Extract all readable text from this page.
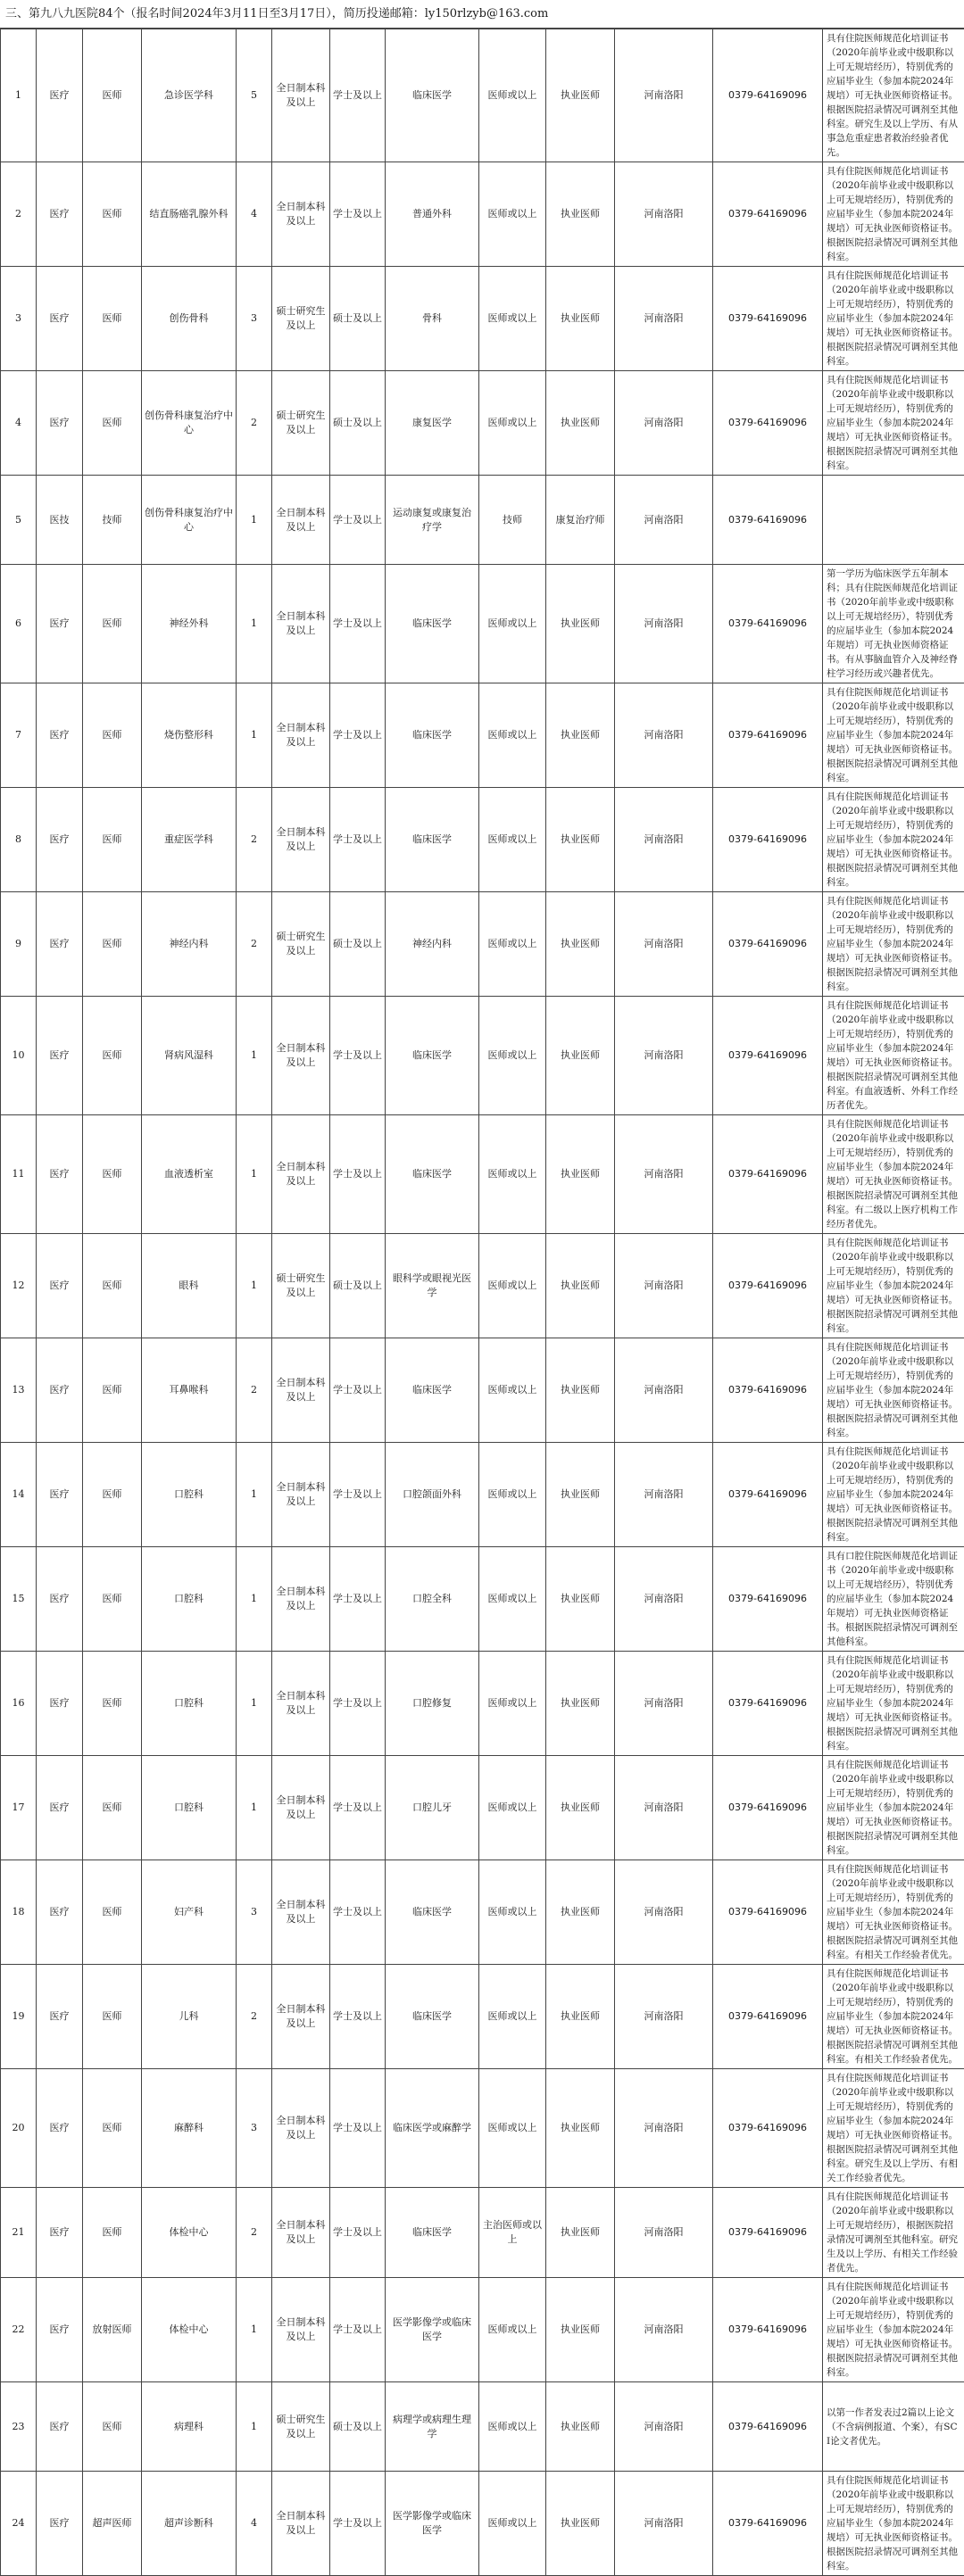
三、第九八九医院84个（报名时间2024年3月11日至3月17日），简历投递邮箱：ly150rlzyb@163.com
1	医疗	医师	急诊医学科	5	全日制本科及以上	学士及以上	临床医学	医师或以上	执业医师	河南洛阳	0379-64169096	具有住院医师规范化培训证书（2020年前毕业或中级职称以上可无规培经历），特别优秀的应届毕业生（参加本院2024年规培）可无执业医师资格证书。根据医院招录情况可调剂至其他科室。研究生及以上学历、有从事急危重症患者救治经验者优先。
2	医疗	医师	结直肠癌乳腺外科	4	全日制本科及以上	学士及以上	普通外科	医师或以上	执业医师	河南洛阳	0379-64169096	具有住院医师规范化培训证书（2020年前毕业或中级职称以上可无规培经历），特别优秀的应届毕业生（参加本院2024年规培）可无执业医师资格证书。根据医院招录情况可调剂至其他科室。
3	医疗	医师	创伤骨科	3	硕士研究生及以上	硕士及以上	骨科	医师或以上	执业医师	河南洛阳	0379-64169096	具有住院医师规范化培训证书（2020年前毕业或中级职称以上可无规培经历），特别优秀的应届毕业生（参加本院2024年规培）可无执业医师资格证书。根据医院招录情况可调剂至其他科室。
4	医疗	医师	创伤骨科康复治疗中心	2	硕士研究生及以上	硕士及以上	康复医学	医师或以上	执业医师	河南洛阳	0379-64169096	具有住院医师规范化培训证书（2020年前毕业或中级职称以上可无规培经历），特别优秀的应届毕业生（参加本院2024年规培）可无执业医师资格证书。根据医院招录情况可调剂至其他科室。
5	医技	技师	创伤骨科康复治疗中心	1	全日制本科及以上	学士及以上	运动康复或康复治疗学	技师	康复治疗师	河南洛阳	0379-64169096	
6	医疗	医师	神经外科	1	全日制本科及以上	学士及以上	临床医学	医师或以上	执业医师	河南洛阳	0379-64169096	第一学历为临床医学五年制本科；具有住院医师规范化培训证书（2020年前毕业或中级职称以上可无规培经历），特别优秀的应届毕业生（参加本院2024年规培）可无执业医师资格证书。有从事脑血管介入及神经脊柱学习经历或兴趣者优先。
7	医疗	医师	烧伤整形科	1	全日制本科及以上	学士及以上	临床医学	医师或以上	执业医师	河南洛阳	0379-64169096	具有住院医师规范化培训证书（2020年前毕业或中级职称以上可无规培经历），特别优秀的应届毕业生（参加本院2024年规培）可无执业医师资格证书。根据医院招录情况可调剂至其他科室。
8	医疗	医师	重症医学科	2	全日制本科及以上	学士及以上	临床医学	医师或以上	执业医师	河南洛阳	0379-64169096	具有住院医师规范化培训证书（2020年前毕业或中级职称以上可无规培经历），特别优秀的应届毕业生（参加本院2024年规培）可无执业医师资格证书。根据医院招录情况可调剂至其他科室。
9	医疗	医师	神经内科	2	硕士研究生及以上	硕士及以上	神经内科	医师或以上	执业医师	河南洛阳	0379-64169096	具有住院医师规范化培训证书（2020年前毕业或中级职称以上可无规培经历），特别优秀的应届毕业生（参加本院2024年规培）可无执业医师资格证书。根据医院招录情况可调剂至其他科室。
10	医疗	医师	肾病风湿科	1	全日制本科及以上	学士及以上	临床医学	医师或以上	执业医师	河南洛阳	0379-64169096	具有住院医师规范化培训证书（2020年前毕业或中级职称以上可无规培经历），特别优秀的应届毕业生（参加本院2024年规培）可无执业医师资格证书。根据医院招录情况可调剂至其他科室。有血液透析、外科工作经历者优先。
11	医疗	医师	血液透析室	1	全日制本科及以上	学士及以上	临床医学	医师或以上	执业医师	河南洛阳	0379-64169096	具有住院医师规范化培训证书（2020年前毕业或中级职称以上可无规培经历），特别优秀的应届毕业生（参加本院2024年规培）可无执业医师资格证书。根据医院招录情况可调剂至其他科室。有二级以上医疗机构工作经历者优先。
12	医疗	医师	眼科	1	硕士研究生及以上	硕士及以上	眼科学或眼视光医学	医师或以上	执业医师	河南洛阳	0379-64169096	具有住院医师规范化培训证书（2020年前毕业或中级职称以上可无规培经历），特别优秀的应届毕业生（参加本院2024年规培）可无执业医师资格证书。根据医院招录情况可调剂至其他科室。
13	医疗	医师	耳鼻喉科	2	全日制本科及以上	学士及以上	临床医学	医师或以上	执业医师	河南洛阳	0379-64169096	具有住院医师规范化培训证书（2020年前毕业或中级职称以上可无规培经历），特别优秀的应届毕业生（参加本院2024年规培）可无执业医师资格证书。根据医院招录情况可调剂至其他科室。
14	医疗	医师	口腔科	1	全日制本科及以上	学士及以上	口腔颌面外科	医师或以上	执业医师	河南洛阳	0379-64169096	具有住院医师规范化培训证书（2020年前毕业或中级职称以上可无规培经历），特别优秀的应届毕业生（参加本院2024年规培）可无执业医师资格证书。根据医院招录情况可调剂至其他科室。
15	医疗	医师	口腔科	1	全日制本科及以上	学士及以上	口腔全科	医师或以上	执业医师	河南洛阳	0379-64169096	具有口腔住院医师规范化培训证书（2020年前毕业或中级职称以上可无规培经历），特别优秀的应届毕业生（参加本院2024年规培）可无执业医师资格证书。根据医院招录情况可调剂至其他科室。
16	医疗	医师	口腔科	1	全日制本科及以上	学士及以上	口腔修复	医师或以上	执业医师	河南洛阳	0379-64169096	具有住院医师规范化培训证书（2020年前毕业或中级职称以上可无规培经历），特别优秀的应届毕业生（参加本院2024年规培）可无执业医师资格证书。根据医院招录情况可调剂至其他科室。
17	医疗	医师	口腔科	1	全日制本科及以上	学士及以上	口腔儿牙	医师或以上	执业医师	河南洛阳	0379-64169096	具有住院医师规范化培训证书（2020年前毕业或中级职称以上可无规培经历），特别优秀的应届毕业生（参加本院2024年规培）可无执业医师资格证书。根据医院招录情况可调剂至其他科室。
18	医疗	医师	妇产科	3	全日制本科及以上	学士及以上	临床医学	医师或以上	执业医师	河南洛阳	0379-64169096	具有住院医师规范化培训证书（2020年前毕业或中级职称以上可无规培经历），特别优秀的应届毕业生（参加本院2024年规培）可无执业医师资格证书。根据医院招录情况可调剂至其他科室。有相关工作经验者优先。
19	医疗	医师	儿科	2	全日制本科及以上	学士及以上	临床医学	医师或以上	执业医师	河南洛阳	0379-64169096	具有住院医师规范化培训证书（2020年前毕业或中级职称以上可无规培经历），特别优秀的应届毕业生（参加本院2024年规培）可无执业医师资格证书。根据医院招录情况可调剂至其他科室。有相关工作经验者优先。
20	医疗	医师	麻醉科	3	全日制本科及以上	学士及以上	临床医学或麻醉学	医师或以上	执业医师	河南洛阳	0379-64169096	具有住院医师规范化培训证书（2020年前毕业或中级职称以上可无规培经历），特别优秀的应届毕业生（参加本院2024年规培）可无执业医师资格证书。根据医院招录情况可调剂至其他科室。研究生及以上学历、有相关工作经验者优先。
21	医疗	医师	体检中心	2	全日制本科及以上	学士及以上	临床医学	主治医师或以上	执业医师	河南洛阳	0379-64169096	具有住院医师规范化培训证书（2020年前毕业或中级职称以上可无规培经历），根据医院招录情况可调剂至其他科室。研究生及以上学历、有相关工作经验者优先。
22	医疗	放射医师	体检中心	1	全日制本科及以上	学士及以上	医学影像学或临床医学	医师或以上	执业医师	河南洛阳	0379-64169096	具有住院医师规范化培训证书（2020年前毕业或中级职称以上可无规培经历），特别优秀的应届毕业生（参加本院2024年规培）可无执业医师资格证书。根据医院招录情况可调剂至其他科室。
23	医疗	医师	病理科	1	硕士研究生及以上	硕士及以上	病理学或病理生理学	医师或以上	执业医师	河南洛阳	0379-64169096	以第一作者发表过2篇以上论文（不含病例报道、个案），有SCI论文者优先。
24	医疗	超声医师	超声诊断科	4	全日制本科及以上	学士及以上	医学影像学或临床医学	医师或以上	执业医师	河南洛阳	0379-64169096	具有住院医师规范化培训证书（2020年前毕业或中级职称以上可无规培经历），特别优秀的应届毕业生（参加本院2024年规培）可无执业医师资格证书。根据医院招录情况可调剂至其他科室。
